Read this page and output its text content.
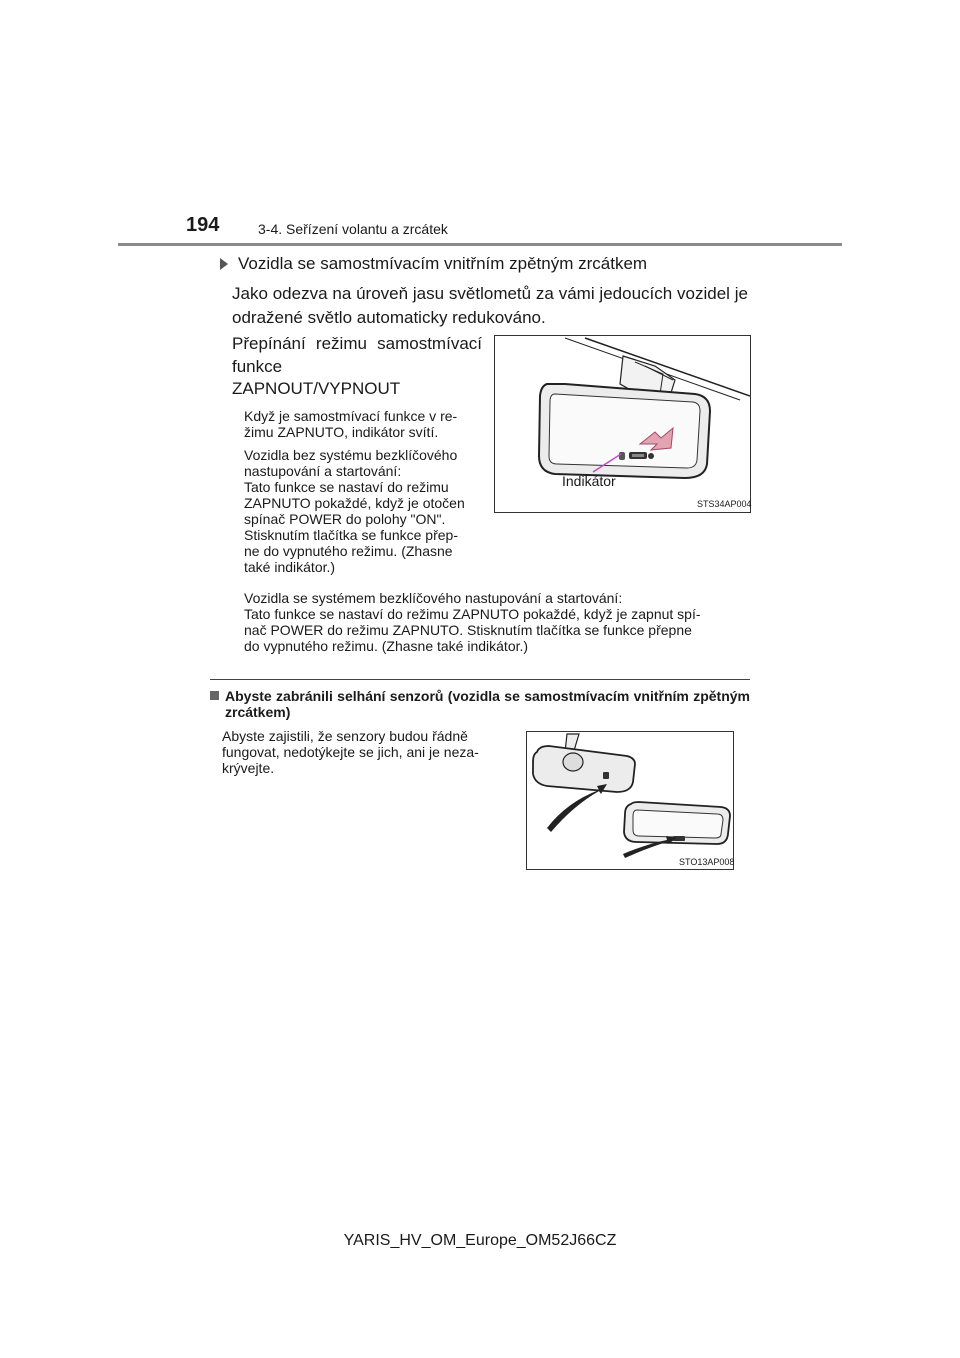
194	3-4. Seřízení volantu a zrcátek
Vozidla se samostmívacím vnitřním zpětným zrcátkem
Jako odezva na úroveň jasu světlometů za vámi jedoucích vozidel je odražené světlo automaticky redukováno.
Přepínání režimu samostmívací funkce
ZAPNOUT/VYPNOUT
Když je samostmívací funkce v re-
žimu ZAPNUTO, indikátor svítí.
Vozidla bez systému bezklíčového
nastupování a startování:
Tato funkce se nastaví do režimu
ZAPNUTO pokaždé, když je otočen
spínač POWER do polohy "ON".
Stisknutím tlačítka se funkce přep-
ne do vypnutého režimu. (Zhasne
také indikátor.)
Vozidla se systémem bezklíčového nastupování a startování:
Tato funkce se nastaví do režimu ZAPNUTO pokaždé, když je zapnut spí-
nač POWER do režimu ZAPNUTO. Stisknutím tlačítka se funkce přepne
do vypnutého režimu. (Zhasne také indikátor.)
Indikátor
STS34AP004
Abyste zabránili selhání senzorů (vozidla se samostmívacím vnitřním zpětným zrcátkem)
Abyste zajistili, že senzory budou řádně
fungovat, nedotýkejte se jich, ani je neza-
krývejte.
STO13AP008
YARIS_HV_OM_Europe_OM52J66CZ
